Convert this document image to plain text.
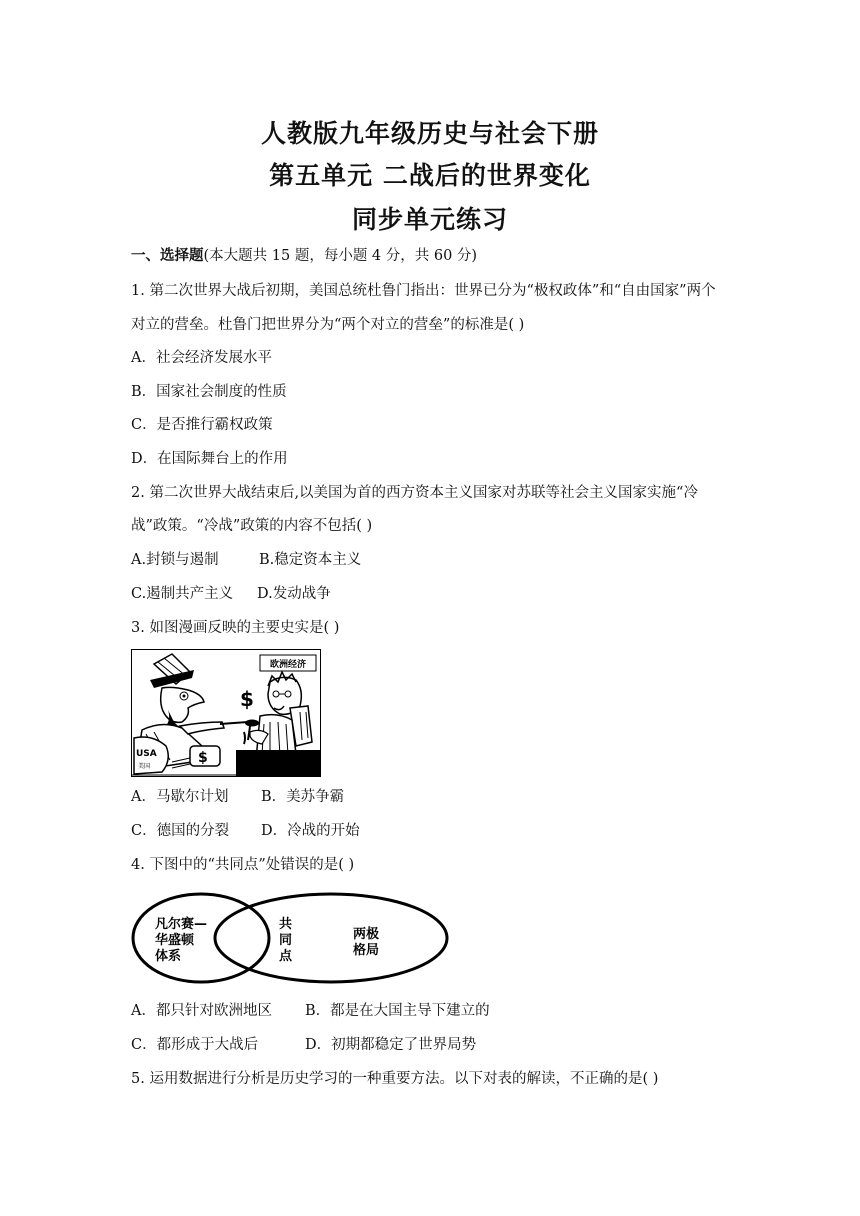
人教版九年级历史与社会下册
第五单元 二战后的世界变化
同步单元练习
一、选择题(本大题共 15 题，每小题 4 分，共 60 分)
1. 第二次世界大战后初期，美国总统杜鲁门指出：世界已分为“极权政体”和“自由国家”两个
对立的营垒。杜鲁门把世界分为“两个对立的营垒”的标准是( )
A．社会经济发展水平
B．国家社会制度的性质
C．是否推行霸权政策
D．在国际舞台上的作用
2. 第二次世界大战结束后,以美国为首的西方资本主义国家对苏联等社会主义国家实施“冷
战”政策。“冷战”政策的内容不包括( )
A.封锁与遏制	B.稳定资本主义
C.遏制共产主义 D.发动战争
3. 如图漫画反映的主要史实是( )
欧洲经济
$
USA
美国
$
A．马歇尔计划 B．美苏争霸
C．德国的分裂 D．冷战的开始
4. 下图中的“共同点”处错误的是( )
凡尔赛—
华盛顿
体系
共
同
点
两极
格局
A．都只针对欧洲地区 B．都是在大国主导下建立的
C．都形成于大战后	D．初期都稳定了世界局势
5. 运用数据进行分析是历史学习的一种重要方法。以下对表的解读，不正确的是( )
